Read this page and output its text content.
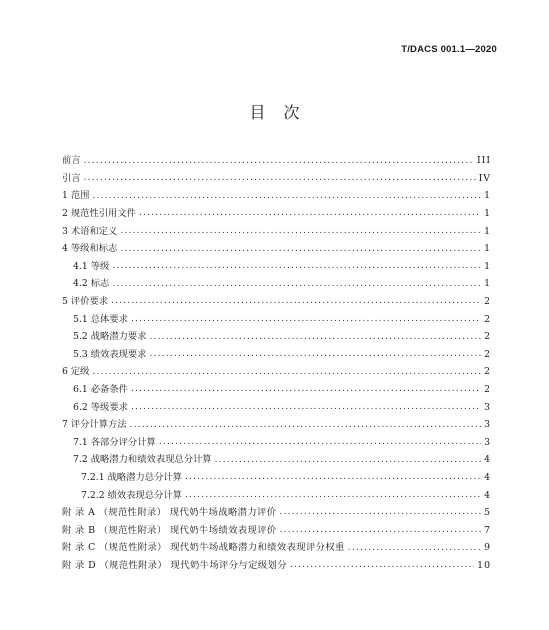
T/DACS 001.1—2020
目次
前言 .....	III
引言 .....	IV
1 范围 .....	1
2 规范性引用文件 .....	1
3 术语和定义 .....	1
4 等级和标志 .....	1
4.1 等级 .....	1
4.2 标志 .....	1
5 评价要求 .....	2
5.1 总体要求 .....	2
5.2 战略潜力要求 .....	2
5.3 绩效表现要求 .....	2
6 定级 .....	2
6.1 必备条件 .....	2
6.2 等级要求 .....	3
7 评分计算方法 .....	3
7.1 各部分评分计算 .....	3
7.2 战略潜力和绩效表现总分计算 .....	4
7.2.1 战略潜力总分计算 .....	4
7.2.2 绩效表现总分计算 .....	4
附 录 A （规范性附录） 现代奶牛场战略潜力评价 .....	5
附 录 B （规范性附录） 现代奶牛场绩效表现评价 .....	7
附 录 C （规范性附录） 现代奶牛场战略潜力和绩效表现评分权重 .....	9
附 录 D （规范性附录） 现代奶牛场评分与定级划分 .....	10
